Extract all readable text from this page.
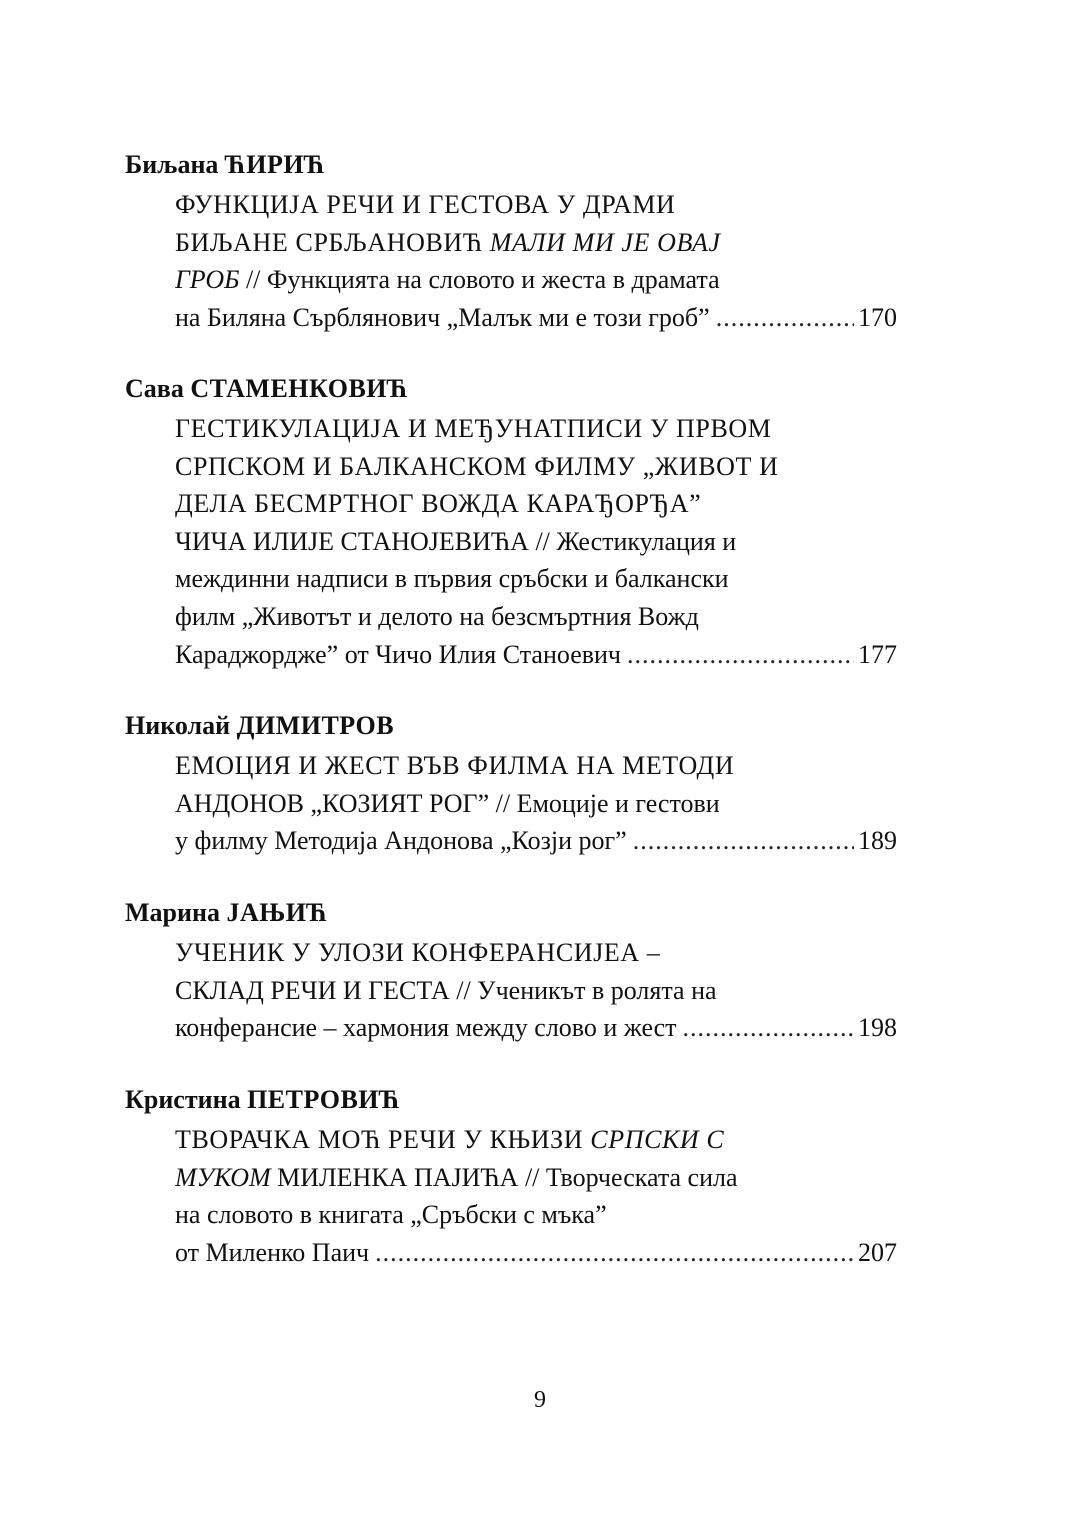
Биљана ЋИРИЋ
ФУНКЦИЈА РЕЧИ И ГЕСТОВА У ДРАМИ
БИЉАНЕ СРБЉАНОВИЋ МАЛИ МИ ЈЕ ОВАЈ
ГРОБ // Функцията на словото и жеста в драмата
на Биляна Сърблянович „Малък ми е този гроб” .....	170
Сава СТАМЕНКОВИЋ
ГЕСТИКУЛАЦИЈА И МЕЂУНАТПИСИ У ПРВОМ
СРПСКОМ И БАЛКАНСКОМ ФИЛМУ „ЖИВОТ И
ДЕЛА БЕСМРТНОГ ВОЖДА КАРАЂОРЂА”
ЧИЧА ИЛИЈЕ СТАНОЈЕВИЋА // Жестикулация и
междинни надписи в първия сръбски и балкански
филм „Животът и делото на безсмъртния Вожд
Караджордже” от Чичо Илия Станоевич .....	177
Николай ДИМИТРОВ
ЕМОЦИЯ И ЖЕСТ ВЪВ ФИЛМА НА МЕТОДИ
АНДОНОВ „КОЗИЯТ РОГ” // Емоције и гестови
у филму Методија Андонова „Козји рог” .....	189
Марина ЈАЊИЋ
УЧЕНИК У УЛОЗИ КОНФЕРАНСИЈЕА –
СКЛАД РЕЧИ И ГЕСТА // Ученикът в ролята на
конферансие – хармония между слово и жест .....	198
Кристина ПЕТРОВИЋ
ТВОРАЧКА МОЋ РЕЧИ У КЊИЗИ СРПСКИ С
МУКОМ МИЛЕНКА ПАЈИЋА // Творческата сила
на словото в книгата „Сръбски с мъка”
от Миленко Паич .....	207
9
